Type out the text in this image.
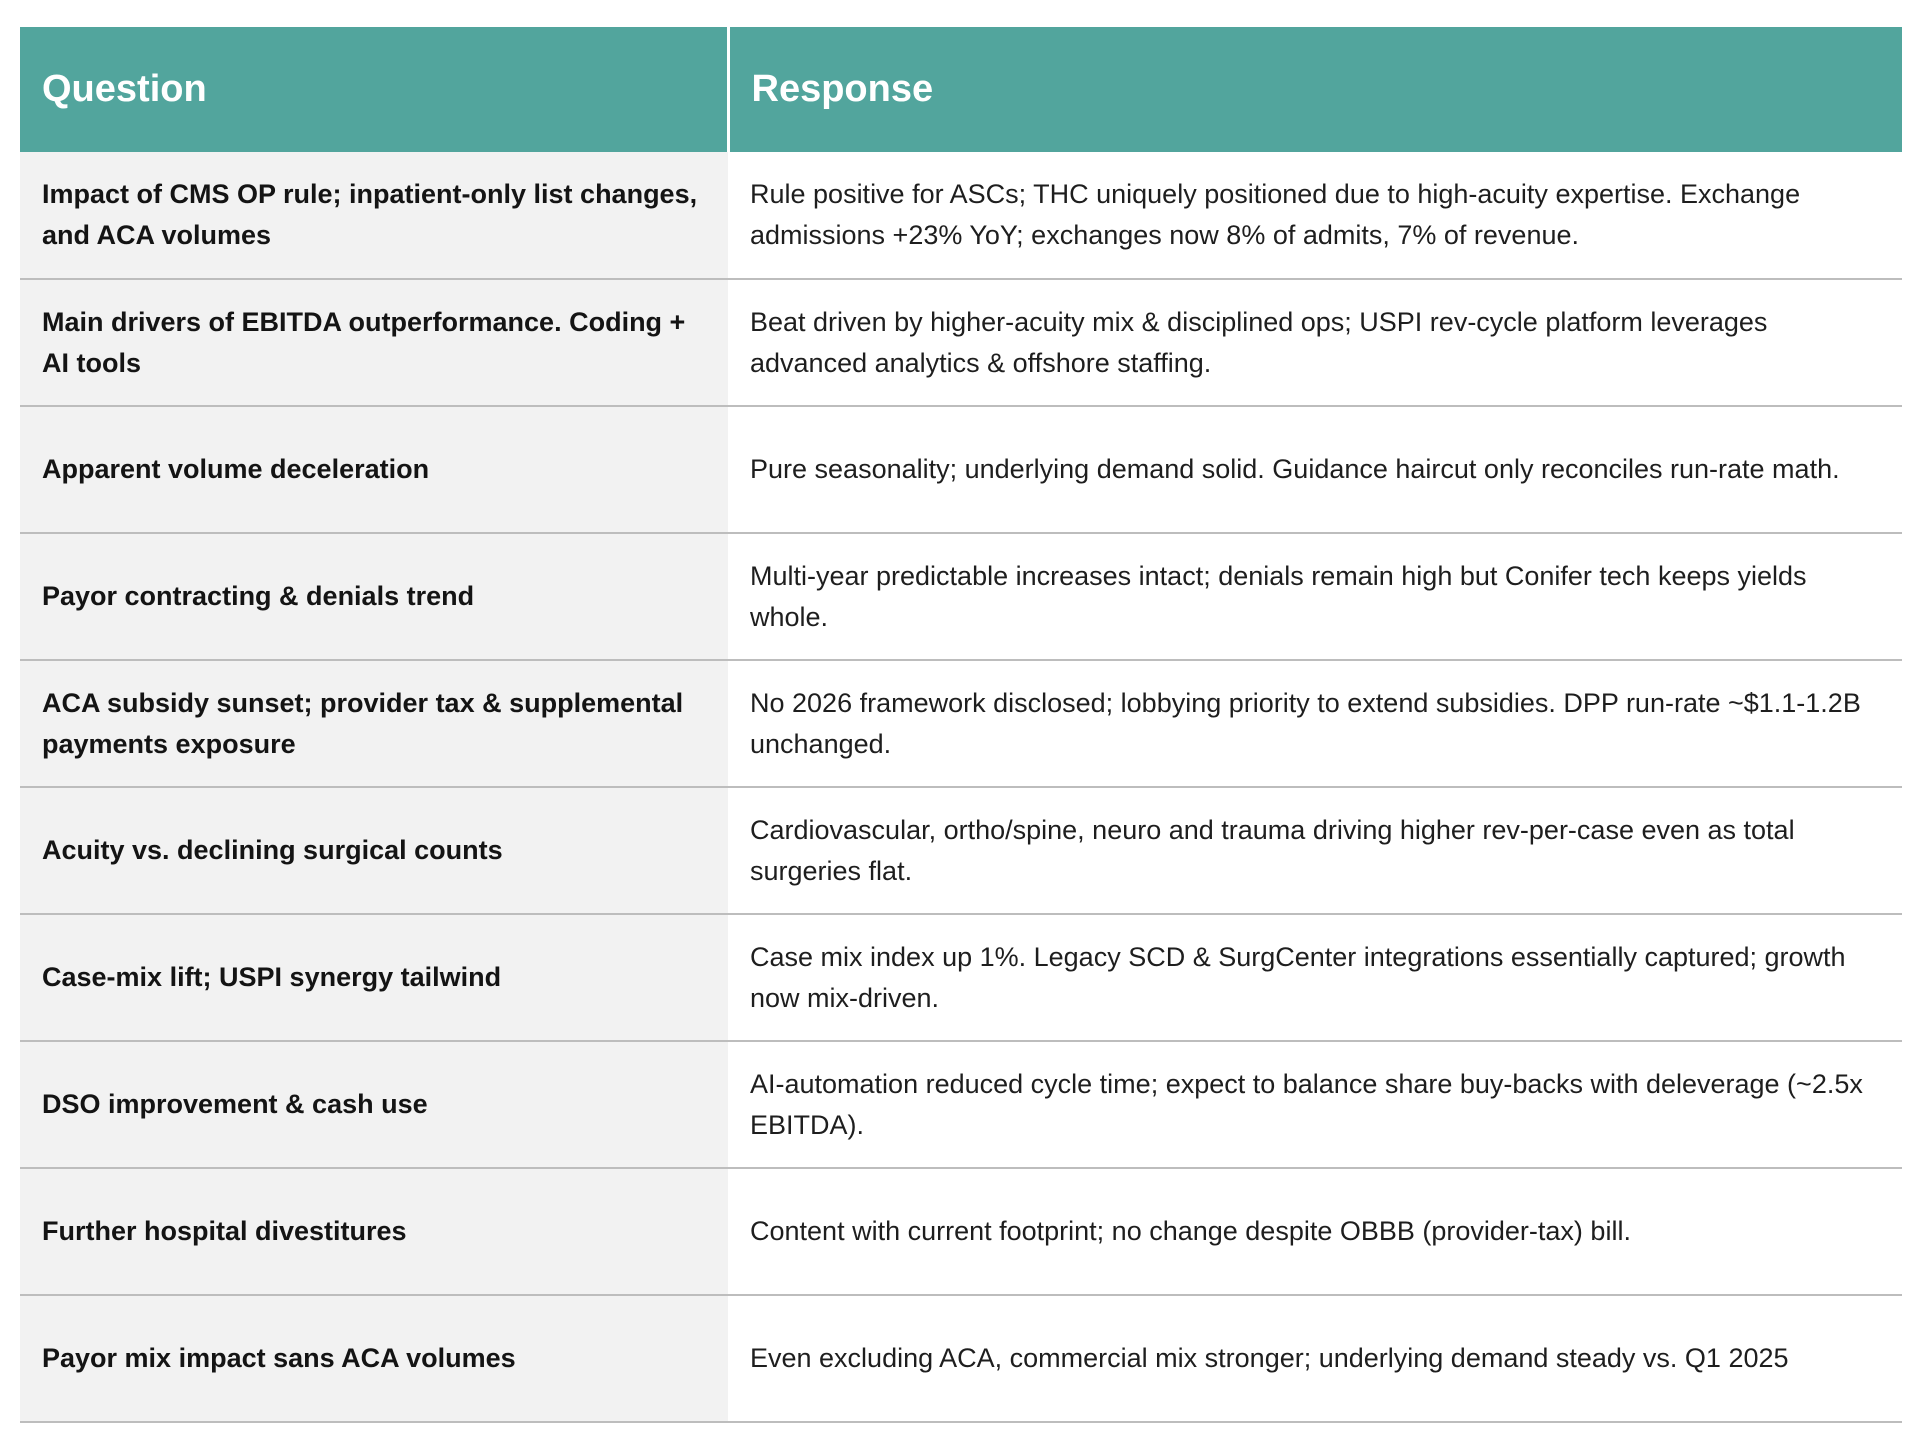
Question	Response
Impact of CMS OP rule; inpatient-only list changes, and ACA volumes	Rule positive for ASCs; THC uniquely positioned due to high-acuity expertise. Exchange admissions +23% YoY; exchanges now 8% of admits, 7% of revenue.
Main drivers of EBITDA outperformance. Coding + AI tools	Beat driven by higher-acuity mix & disciplined ops; USPI rev-cycle platform leverages advanced analytics & offshore staffing.
Apparent volume deceleration	Pure seasonality; underlying demand solid. Guidance haircut only reconciles run-rate math.
Payor contracting & denials trend	Multi-year predictable increases intact; denials remain high but Conifer tech keeps yields whole.
ACA subsidy sunset; provider tax & supplemental payments exposure	No 2026 framework disclosed; lobbying priority to extend subsidies. DPP run-rate ~$1.1-1.2B unchanged.
Acuity vs. declining surgical counts	Cardiovascular, ortho/spine, neuro and trauma driving higher rev-per-case even as total surgeries flat.
Case-mix lift; USPI synergy tailwind	Case mix index up 1%. Legacy SCD & SurgCenter integrations essentially captured; growth now mix-driven.
DSO improvement & cash use	AI-automation reduced cycle time; expect to balance share buy-backs with deleverage (~2.5x EBITDA).
Further hospital divestitures	Content with current footprint; no change despite OBBB (provider-tax) bill.
Payor mix impact sans ACA volumes	Even excluding ACA, commercial mix stronger; underlying demand steady vs. Q1 2025
